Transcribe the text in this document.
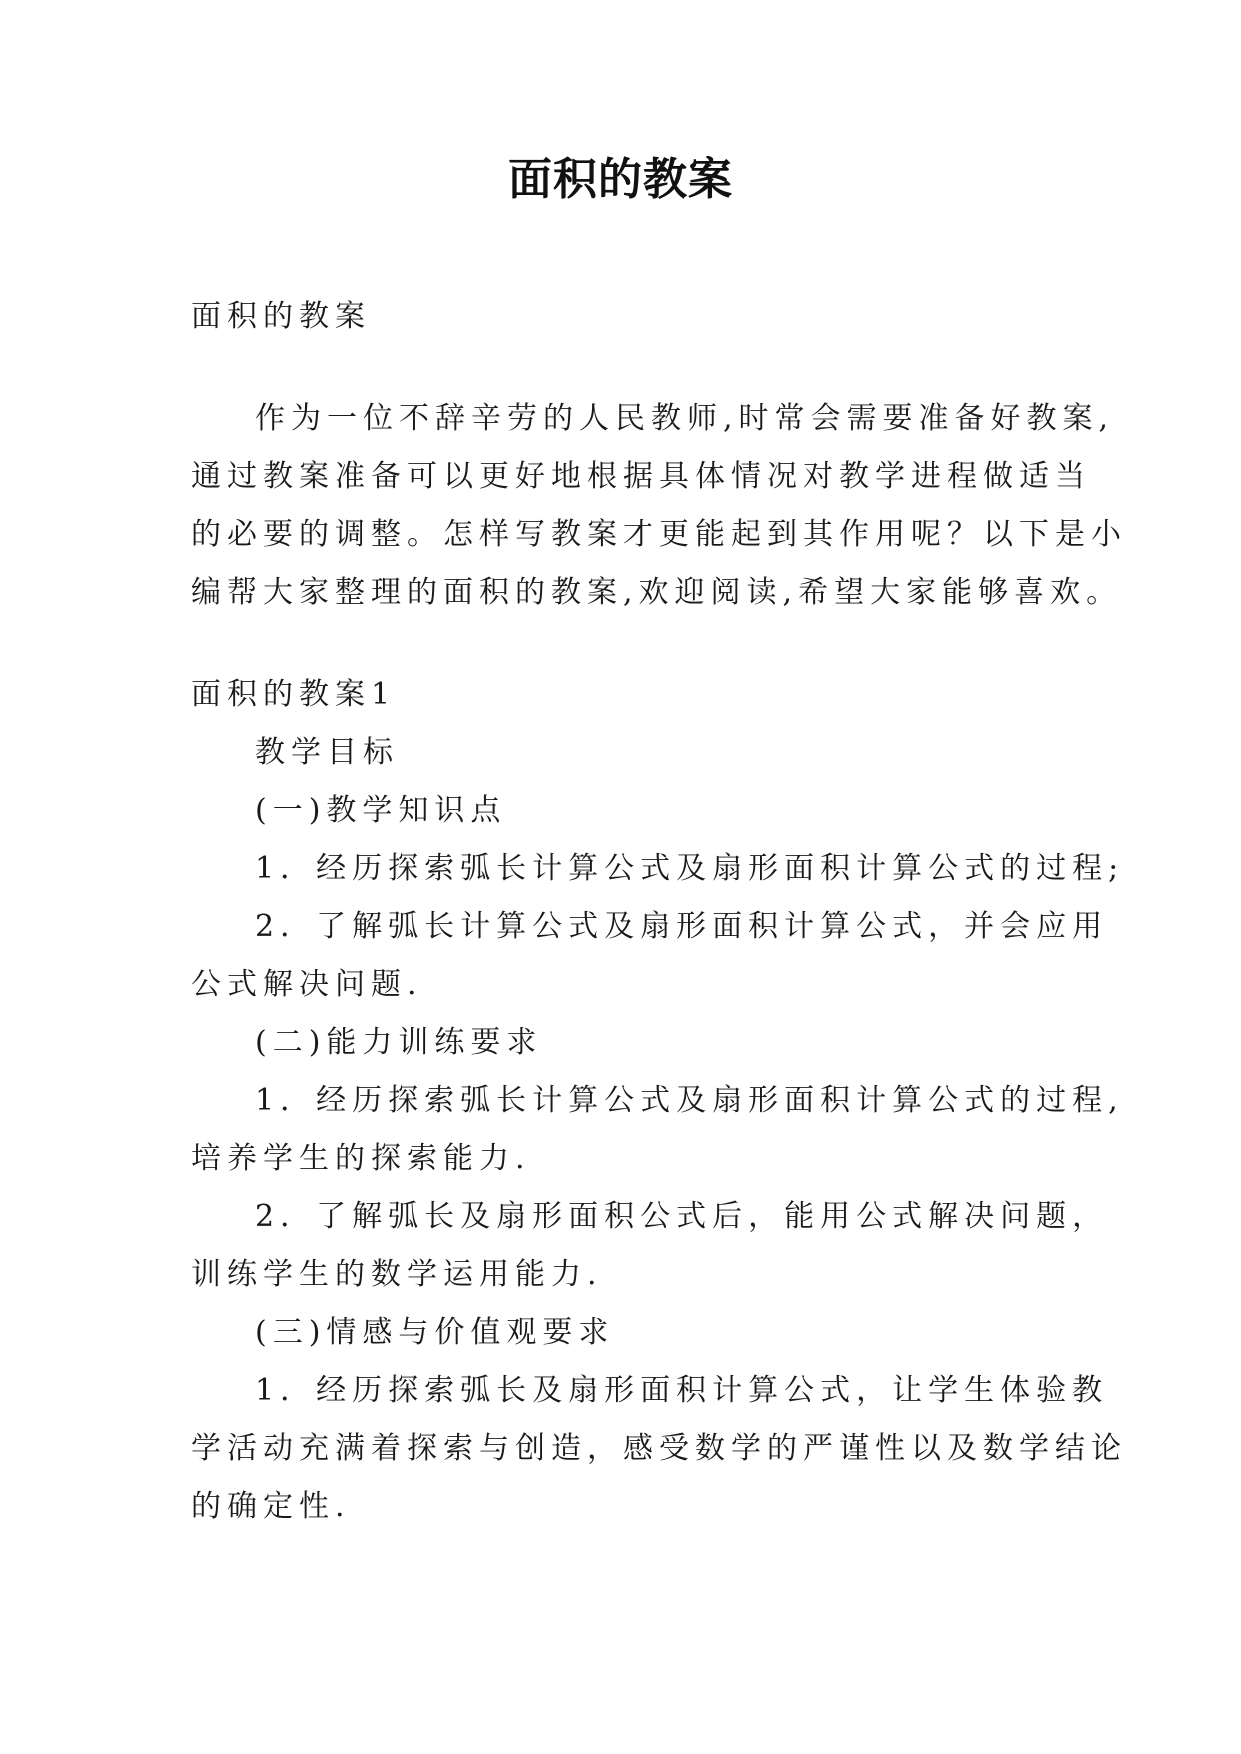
面积的教案
面积的教案
作为一位不辞辛劳的人民教师,时常会需要准备好教案,
通过教案准备可以更好地根据具体情况对教学进程做适当
的必要的调整。怎样写教案才更能起到其作用呢？以下是小
编帮大家整理的面积的教案,欢迎阅读,希望大家能够喜欢。
面积的教案1
教学目标
(一)教学知识点
1．经历探索弧长计算公式及扇形面积计算公式的过程;
2．了解弧长计算公式及扇形面积计算公式，并会应用
公式解决问题.
(二)能力训练要求
1．经历探索弧长计算公式及扇形面积计算公式的过程,
培养学生的探索能力.
2．了解弧长及扇形面积公式后，能用公式解决问题，
训练学生的数学运用能力.
(三)情感与价值观要求
1．经历探索弧长及扇形面积计算公式，让学生体验教
学活动充满着探索与创造，感受数学的严谨性以及数学结论
的确定性.
